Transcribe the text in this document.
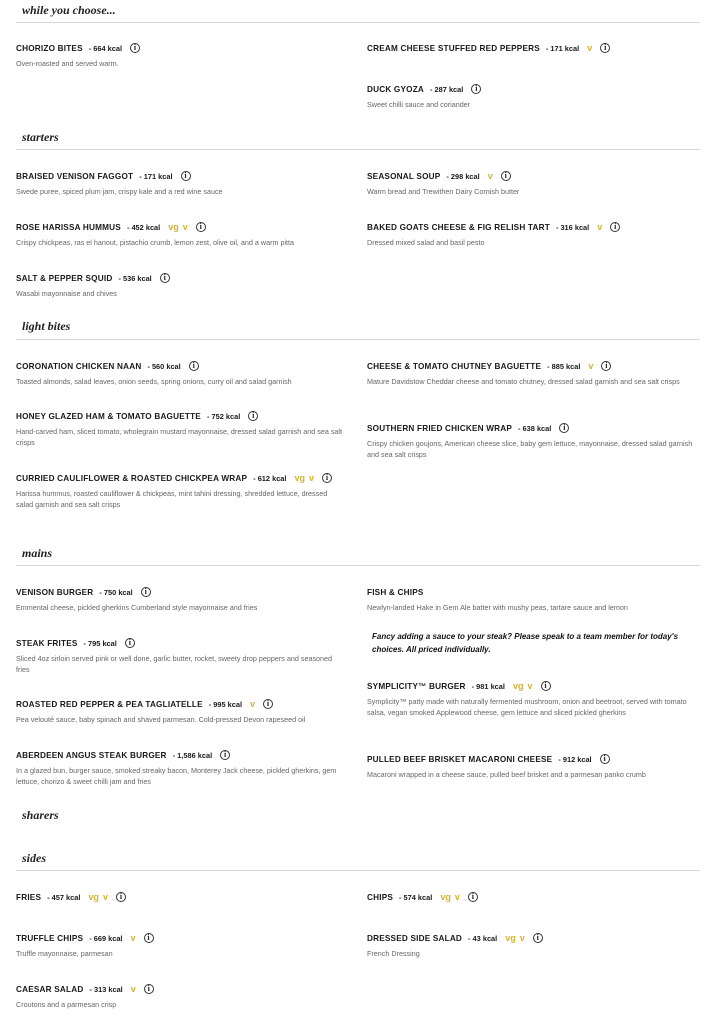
while you choose...
starters
light bites
mains
sharers
sides
CHORIZO BITES - 664 kcal	i
Oven-roasted and served warm.
CREAM CHEESE STUFFED RED PEPPERS - 171 kcal v	i
DUCK GYOZA - 287 kcal	i
Sweet chilli sauce and coriander
BRAISED VENISON FAGGOT - 171 kcal	i
Swede puree, spiced plum jam, crispy kale and a red wine sauce
SEASONAL SOUP - 298 kcal v	i
Warm bread and Trewithen Dairy Cornish butter
ROSE HARISSA HUMMUS - 452 kcal vg v	i
Crispy chickpeas, ras el hanout, pistachio crumb, lemon zest, olive oil, and a warm pitta
BAKED GOATS CHEESE & FIG RELISH TART - 316 kcal v	i
Dressed mixed salad and basil pesto
SALT & PEPPER SQUID - 536 kcal	i
Wasabi mayonnaise and chives
CORONATION CHICKEN NAAN - 560 kcal	i
Toasted almonds, salad leaves, onion seeds, spring onions, curry oil and salad garnish
CHEESE & TOMATO CHUTNEY BAGUETTE - 885 kcal v	i
Mature Davidstow Cheddar cheese and tomato chutney, dressed salad garnish and sea salt crisps
HONEY GLAZED HAM & TOMATO BAGUETTE - 752 kcal	i
Hand-carved ham, sliced tomato, wholegrain mustard mayonnaise, dressed salad garnish and sea salt crisps
SOUTHERN FRIED CHICKEN WRAP - 638 kcal	i
Crispy chicken goujons, American cheese slice, baby gem lettuce, mayonnaise, dressed salad garnish and sea salt crisps
CURRIED CAULIFLOWER & ROASTED CHICKPEA WRAP - 612 kcal vg v	i
Harissa hummus, roasted cauliflower & chickpeas, mint tahini dressing, shredded lettuce, dressed salad garnish and sea salt crisps
VENISON BURGER - 750 kcal	i
Emmental cheese, pickled gherkins Cumberland style mayonnaise and fries
FISH & CHIPS
Newlyn-landed Hake in Gem Ale batter with mushy peas, tartare sauce and lemon
STEAK FRITES - 795 kcal	i
Sliced 4oz sirloin served pink or well done, garlic butter, rocket, sweety drop peppers and seasoned fries
Fancy adding a sauce to your steak? Please speak to a team member for today's choices. All priced individually.
SYMPLICITY™ BURGER - 981 kcal vg v	i
Symplicity™ patty made with naturally fermented mushroom, onion and beetroot, served with tomato salsa, vegan smoked Applewood cheese, gem lettuce and sliced pickled gherkins
ROASTED RED PEPPER & PEA TAGLIATELLE - 995 kcal v	i
Pea velouté sauce, baby spinach and shaved parmesan. Cold-pressed Devon rapeseed oil
ABERDEEN ANGUS STEAK BURGER - 1,586 kcal	i
In a glazed bun, burger sauce, smoked streaky bacon, Monterey Jack cheese, pickled gherkins, gem lettuce, chorizo & sweet chilli jam and fries
PULLED BEEF BRISKET MACARONI CHEESE - 912 kcal	i
Macaroni wrapped in a cheese sauce, pulled beef brisket and a parmesan panko crumb
FRIES - 457 kcal vg v	i	CHIPS - 574 kcal vg v	i
TRUFFLE CHIPS - 669 kcal v	i
Truffle mayonnaise, parmesan
DRESSED SIDE SALAD - 43 kcal vg v	i
French Dressing
CAESAR SALAD - 313 kcal v	i
Croutons and a parmesan crisp
